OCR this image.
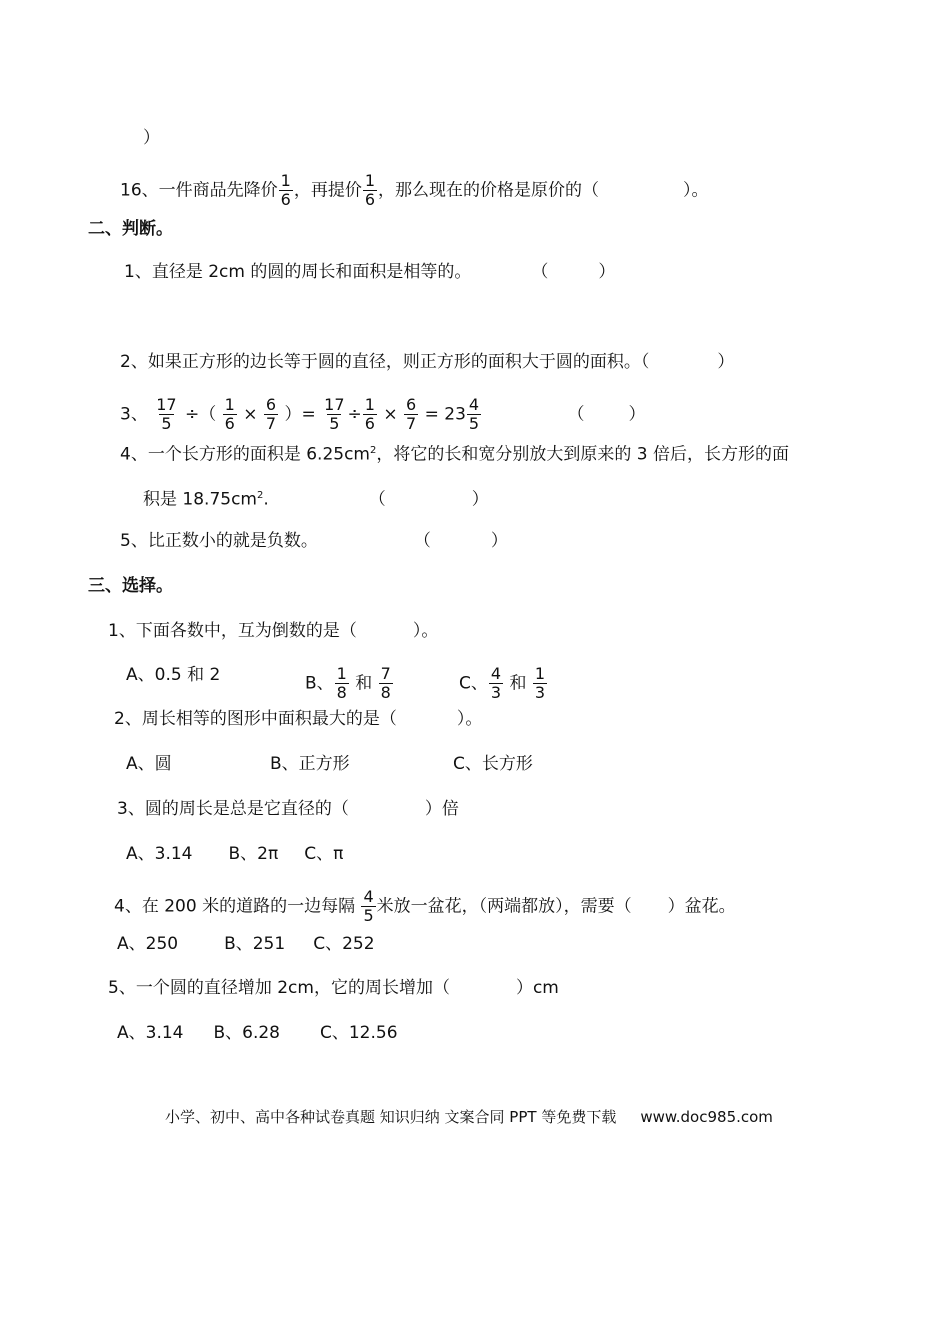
）
16、一件商品先降价 $\frac{1}{6}$ ，再提价 $\frac{1}{6}$ ，那么现在的价格是原价的（	）。
二、判断。
1、直径是 2cm 的圆的周长和面积是相等的。	（	）
2、如果正方形的边长等于圆的直径，则正方形的面积大于圆的面积。（	）
3、 $\frac{17}{5}$ ÷（ $\frac{1}{6} \times \frac{6}{7}$ ）= $\frac{17}{5} \div \frac{1}{6} \times \frac{6}{7} = 23 \frac{4}{5}$	（	）
4、一个长方形的面积是 $6.25cm^2$，将它的长和宽分别放大到原来的 3 倍后，长方形的面
积是 $18.75cm^2$.	（	）
5、比正数小的就是负数。	（	）
三、选择。
1、下面各数中，互为倒数的是（	）。
A、0.5 和 2	B、 $\frac{1}{8}$ 和 $\frac{7}{8}$	C、 $\frac{4}{3}$ 和 $\frac{1}{3}$
2、周长相等的图形中面积最大的是（	）。
A、圆	B、正方形	C、长方形
3、圆的周长是总是它直径的（	）倍
A、3.14 B、2π C、π
4、在 200 米的道路的一边每隔 $\frac{4}{5}$ 米放一盆花，（两端都放），需要（ ）盆花。
A、250	B、251 C、252
5、一个圆的直径增加 2cm，它的周长增加（	）cm
A、3.14 B、6.28 C、12.56
小学、初中、高中各种试卷真题 知识归纳 文案合同 PPT 等免费下载 www.doc985.com
